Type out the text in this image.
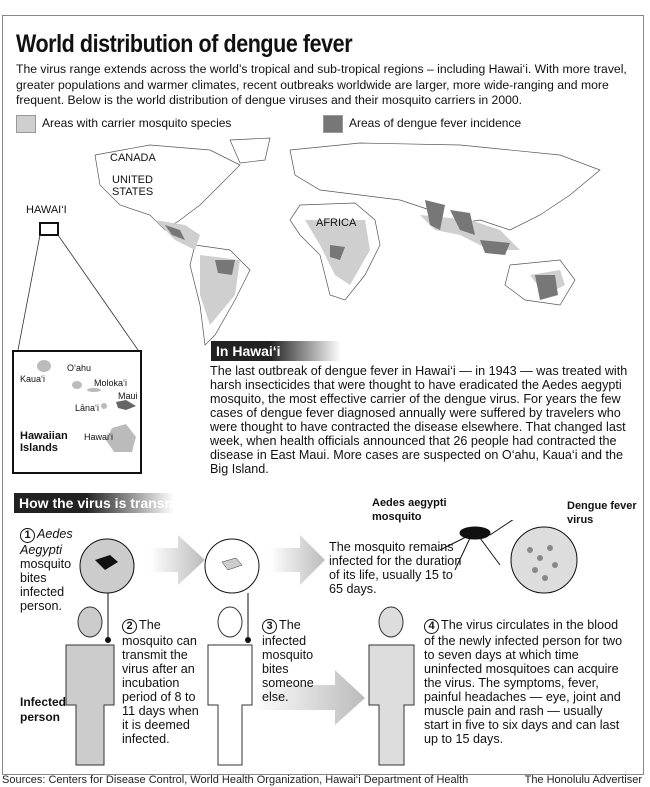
World distribution of dengue fever
The virus range extends across the world’s tropical and sub-tropical regions – including Hawai‘i. With more travel, greater populations and warmer climates, recent outbreaks worldwide are larger, more wide-ranging and more frequent. Below is the world distribution of dengue viruses and their mosquito carriers in 2000.
Areas with carrier mosquito species	Areas of dengue fever incidence
CANADA
UNITED STATES
AFRICA
HAWAI‘I
Kaua‘i
O‘ahu
Moloka‘i
Lāna‘i
Maui
Hawai‘i
Hawaiian Islands
In Hawai‘i
The last outbreak of dengue fever in Hawai‘i — in 1943 — was treated with harsh insecticides that were thought to have eradicated the Aedes aegypti mosquito, the most effective carrier of the dengue virus. For years the few cases of dengue fever diagnosed annually were suffered by travelers who were thought to have contracted the disease elsewhere. That changed last week, when health officials announced that 26 people had contracted the disease in East Maui. More cases are suspected on O‘ahu, Kaua‘i and the Big Island.
How the virus is transmitted
1 Aedes Aegypti
mosquito bites infected person.
2 The mosquito can transmit the virus after an incubation period of 8 to 11 days when it is deemed infected.
3 The infected mosquito bites someone else.
4 The virus circulates in the blood of the newly infected person for two to seven days at which time uninfected mosquitoes can acquire the virus. The symptoms, fever, painful headaches — eye, joint and muscle pain and rash — usually start in five to six days and can last up to 15 days.
The mosquito remains infected for the duration of its life, usually 15 to 65 days.
Aedes aegypti mosquito
Dengue fever virus
Infected person
Sources: Centers for Disease Control, World Health Organization, Hawai‘i Department of Health	The Honolulu Advertiser
